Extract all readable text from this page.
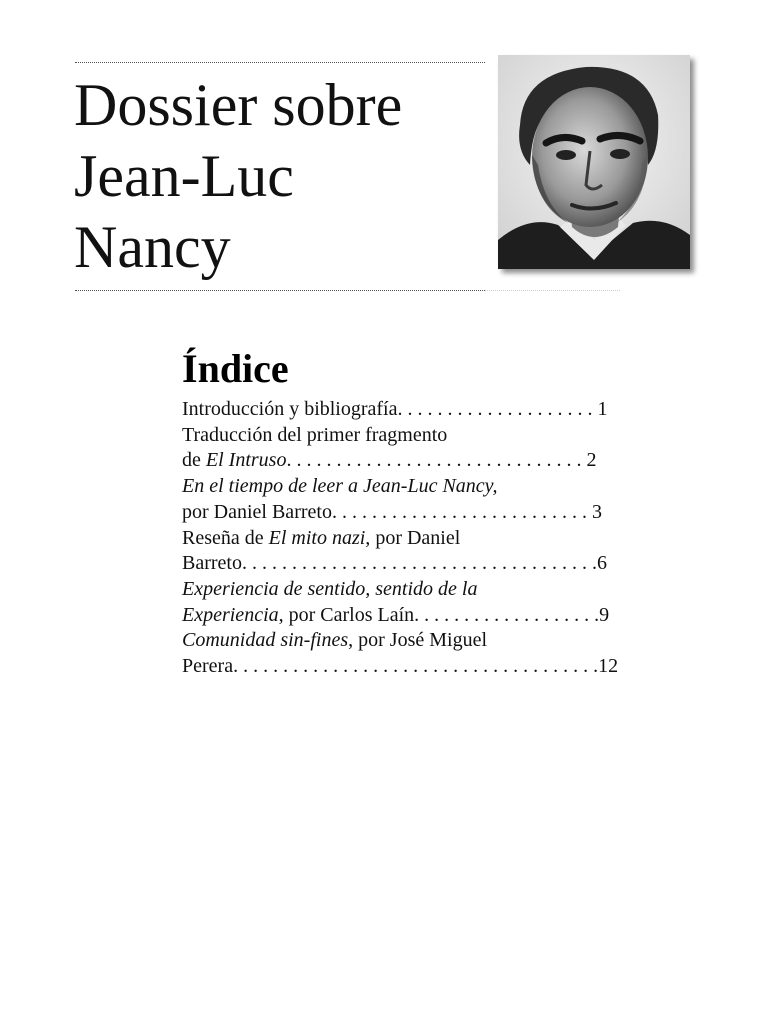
Dossier sobre
Jean-Luc
Nancy
Índice
Introducción y bibliografía. . . . . . . . . . . . . . . . . . . . 1
Traducción del primer fragmento
de El Intruso. . . . . . . . . . . . . . . . . . . . . . . . . . . . . . 2
En el tiempo de leer a Jean-Luc Nancy,
por Daniel Barreto. . . . . . . . . . . . . . . . . . . . . . . . . . 3
Reseña de El mito nazi, por Daniel
Barreto. . . . . . . . . . . . . . . . . . . . . . . . . . . . . . . . . . . .6
Experiencia de sentido, sentido de la
Experiencia, por Carlos Laín. . . . . . . . . . . . . . . . . . .9
Comunidad sin-fines, por José Miguel
Perera. . . . . . . . . . . . . . . . . . . . . . . . . . . . . . . . . . . . .12
